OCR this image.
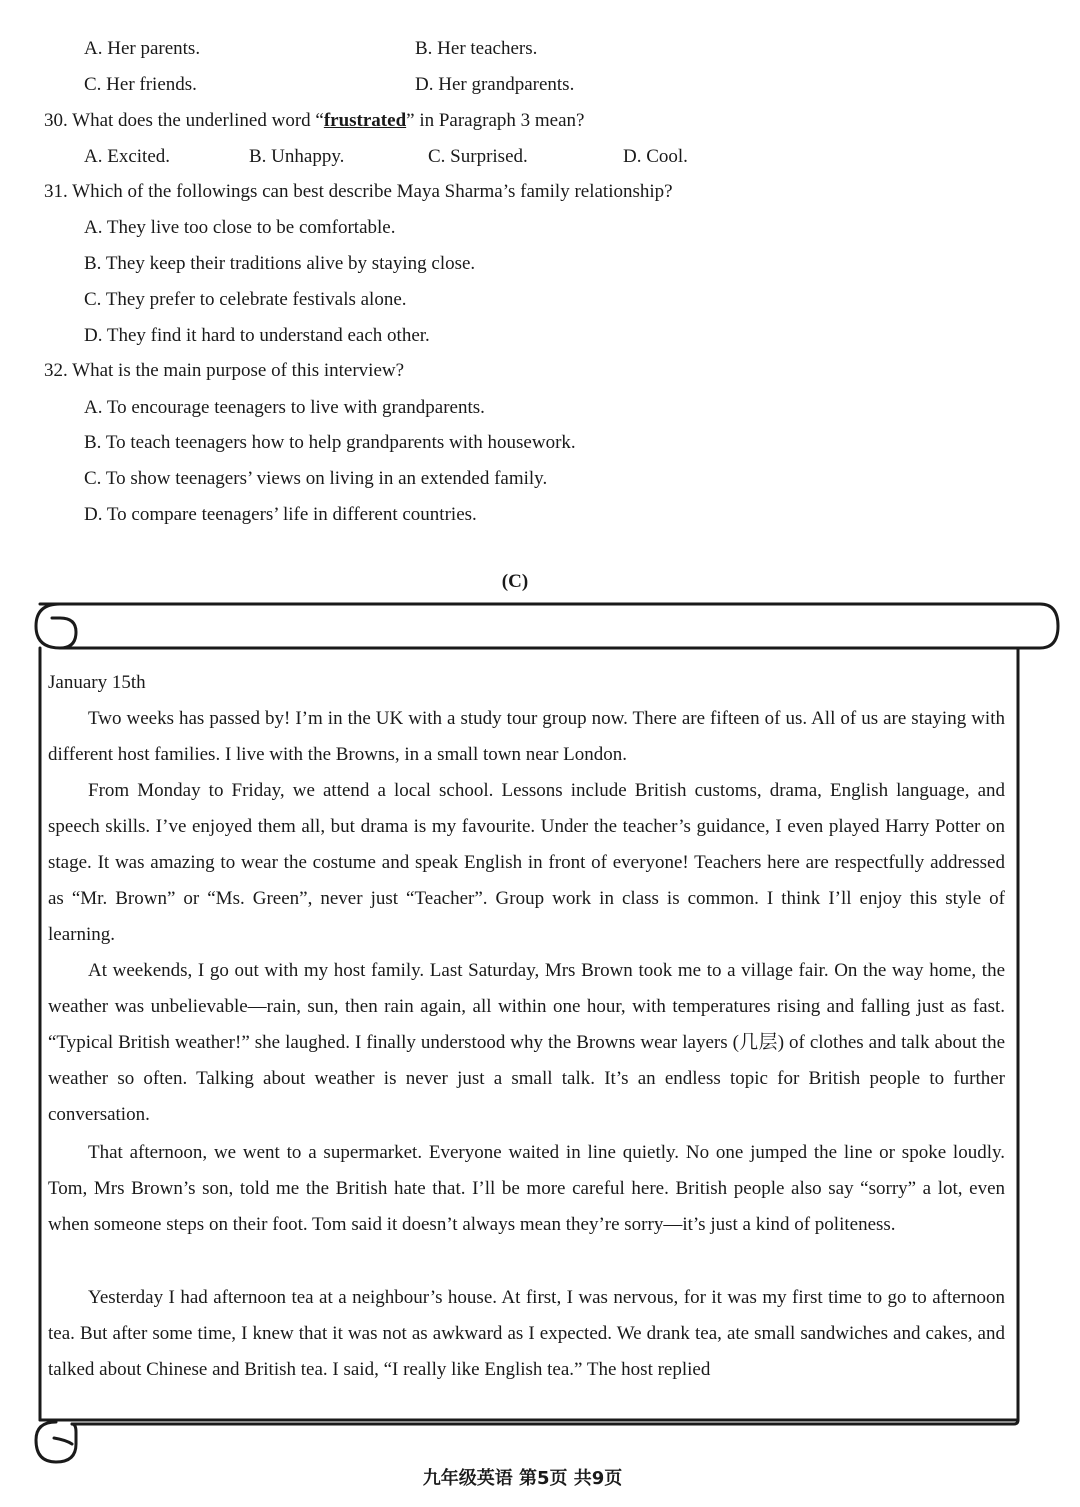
A. Her parents.	B. Her teachers.
C. Her friends.	D. Her grandparents.
30. What does the underlined word “frustrated” in Paragraph 3 mean?
A. Excited.	B. Unhappy.	C. Surprised.	D. Cool.
31. Which of the followings can best describe Maya Sharma’s family relationship?
A. They live too close to be comfortable.
B. They keep their traditions alive by staying close.
C. They prefer to celebrate festivals alone.
D. They find it hard to understand each other.
32. What is the main purpose of this interview?
A. To encourage teenagers to live with grandparents.
B. To teach teenagers how to help grandparents with housework.
C. To show teenagers’ views on living in an extended family.
D. To compare teenagers’ life in different countries.
(C)
January 15th
Two weeks has passed by! I’m in the UK with a study tour group now. There are fifteen of us. All of us are staying with different host families. I live with the Browns, in a small town near London.
From Monday to Friday, we attend a local school. Lessons include British customs, drama, English language, and speech skills. I’ve enjoyed them all, but drama is my favourite. Under the teacher’s guidance, I even played Harry Potter on stage. It was amazing to wear the costume and speak English in front of everyone! Teachers here are respectfully addressed as “Mr. Brown” or “Ms. Green”, never just “Teacher”. Group work in class is common. I think I’ll enjoy this style of learning.
At weekends, I go out with my host family. Last Saturday, Mrs Brown took me to a village fair. On the way home, the weather was unbelievable—rain, sun, then rain again, all within one hour, with temperatures rising and falling just as fast. “Typical British weather!” she laughed. I finally understood why the Browns wear layers (几层) of clothes and talk about the weather so often. Talking about weather is never just a small talk. It’s an endless topic for British people to further conversation.
That afternoon, we went to a supermarket. Everyone waited in line quietly. No one jumped the line or spoke loudly. Tom, Mrs Brown’s son, told me the British hate that. I’ll be more careful here. British people also say “sorry” a lot, even when someone steps on their foot. Tom said it doesn’t always mean they’re sorry—it’s just a kind of politeness.
Yesterday I had afternoon tea at a neighbour’s house. At first, I was nervous, for it was my first time to go to afternoon tea. But after some time, I knew that it was not as awkward as I expected. We drank tea, ate small sandwiches and cakes, and talked about Chinese and British tea. I said, “I really like English tea.” The host replied
九年级英语 第5页 共9页
